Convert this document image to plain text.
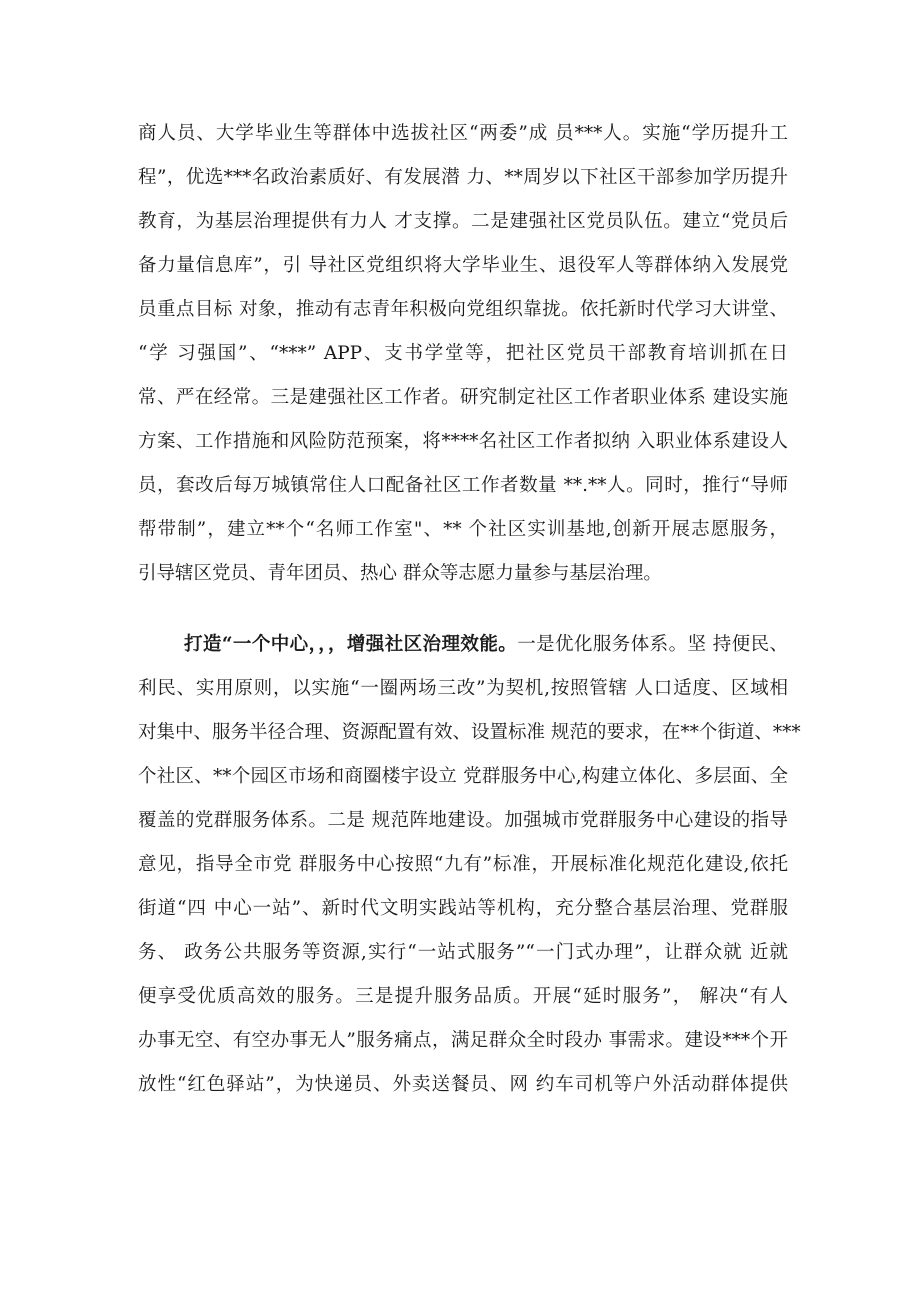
商人员、大学毕业生等群体中选拔社区“两委”成 员***人。实施“学历提升工
程”，优选***名政治素质好、有发展潜 力、**周岁以下社区干部参加学历提升
教育，为基层治理提供有力人 才支撑。二是建强社区党员队伍。建立“党员后
备力量信息库”，引 导社区党组织将大学毕业生、退役军人等群体纳入发展党
员重点目标 对象，推动有志青年积极向党组织靠拢。依托新时代学习大讲堂、
“学 习强国”、“***” APP、支书学堂等，把社区党员干部教育培训抓在日
常、严在经常。三是建强社区工作者。研究制定社区工作者职业体系 建设实施
方案、工作措施和风险防范预案，将****名社区工作者拟纳 入职业体系建设人
员，套改后每万城镇常住人口配备社区工作者数量 **.**人。同时，推行“导师
帮带制”，建立**个“名师工作室"、** 个社区实训基地,创新开展志愿服务，
引导辖区党员、青年团员、热心 群众等志愿力量参与基层治理。
打造“一个中心，，，增强社区治理效能。一是优化服务体系。坚 持便民、
利民、实用原则，以实施“一圈两场三改”为契机,按照管辖 人口适度、区域相
对集中、服务半径合理、资源配置有效、设置标准 规范的要求，在**个街道、***
个社区、**个园区市场和商圈楼宇设立 党群服务中心,构建立体化、多层面、全
覆盖的党群服务体系。二是 规范阵地建设。加强城市党群服务中心建设的指导
意见，指导全市党 群服务中心按照“九有”标准，开展标准化规范化建设,依托
街道“四 中心一站”、新时代文明实践站等机构，充分整合基层治理、党群服
务、 政务公共服务等资源,实行“一站式服务”“一门式办理”，让群众就 近就
便享受优质高效的服务。三是提升服务品质。开展“延时服务”， 解决“有人
办事无空、有空办事无人”服务痛点，满足群众全时段办 事需求。建设***个开
放性“红色驿站”，为快递员、外卖送餐员、网 约车司机等户外活动群体提供
